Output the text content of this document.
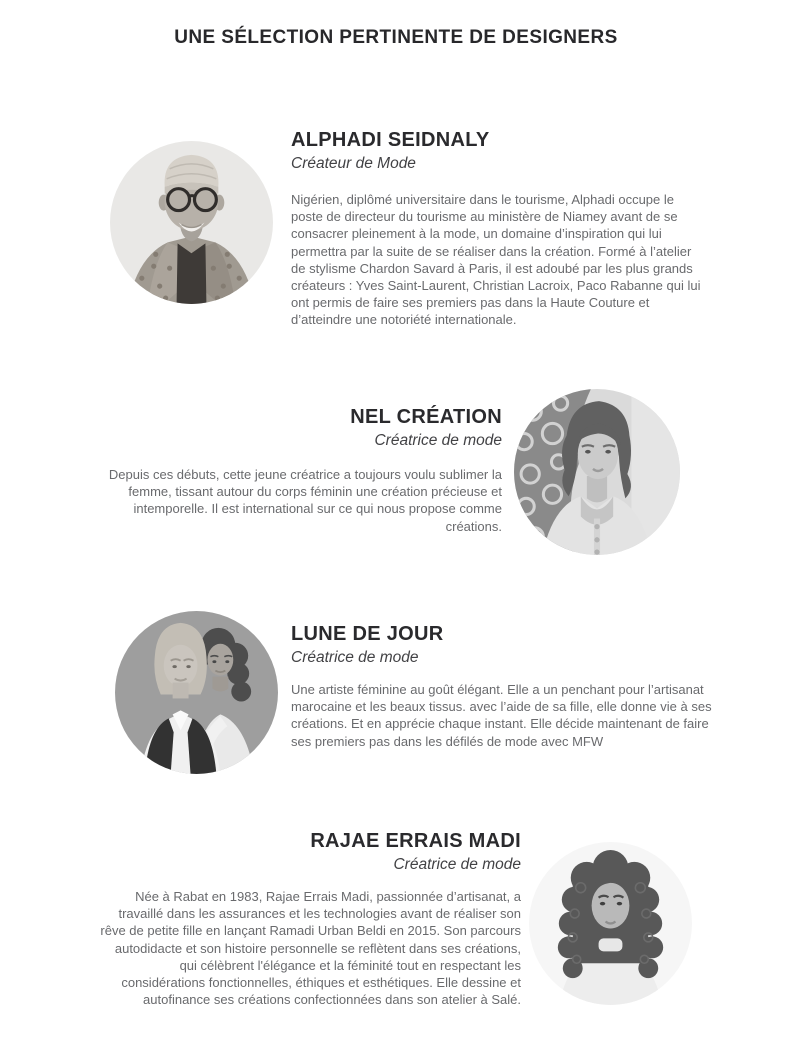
UNE SÉLECTION PERTINENTE DE DESIGNERS
ALPHADI SEIDNALY
Créateur de Mode

Nigérien, diplômé universitaire dans le tourisme, Alphadi occupe le poste de directeur du tourisme au ministère de Niamey avant de se consacrer pleinement à la mode, un domaine d’inspiration qui lui permettra par la suite de se réaliser dans la création. Formé à l’atelier de stylisme Chardon Savard à Paris, il est adoubé par les plus grands créateurs : Yves Saint-Laurent, Christian Lacroix, Paco Rabanne qui lui ont permis de faire ses premiers pas dans la Haute Couture et d’atteindre une notoriété internationale.

NEL CRÉATION
Créatrice de mode

Depuis ces débuts, cette jeune créatrice a toujours voulu sublimer la femme, tissant autour du corps féminin une création précieuse et intemporelle. Il est international sur ce qui nous propose comme créations.

LUNE DE JOUR
Créatrice de mode

Une artiste féminine au goût élégant. Elle a un penchant pour l’artisanat marocaine et les beaux tissus. avec l’aide de sa fille, elle donne vie à ses créations. Et en apprécie chaque instant. Elle décide maintenant de faire ses premiers pas dans les défilés de mode avec MFW

RAJAE ERRAIS MADI
Créatrice de mode

Née à Rabat en 1983, Rajae Errais Madi, passionnée d’artisanat, a travaillé dans les assurances et les technologies avant de réaliser son rêve de petite fille en lançant Ramadi Urban Beldi en 2015. Son parcours autodidacte et son histoire personnelle se reflètent dans ses créations, qui célèbrent l'élégance et la féminité tout en respectant les considérations fonctionnelles, éthiques et esthétiques. Elle dessine et autofinance ses créations confectionnées dans son atelier à Salé.
